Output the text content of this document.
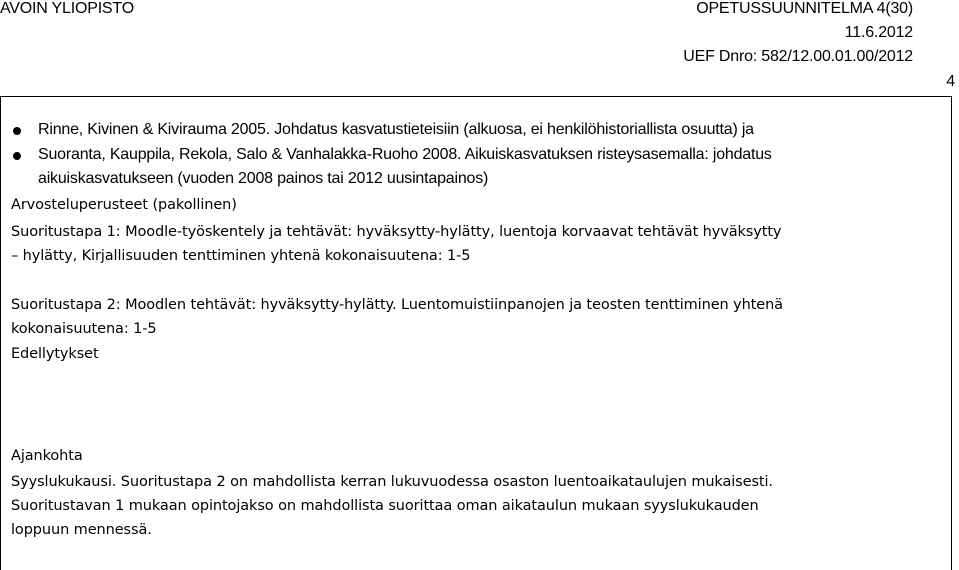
AVOIN YLIOPISTO	OPETUSSUUNNITELMA 4(30)
11.6.2012
UEF Dnro: 582/12.00.01.00/2012
4
Rinne, Kivinen & Kivirauma 2005. Johdatus kasvatustieteisiin (alkuosa, ei henkilöhistoriallista osuutta) ja
Suoranta, Kauppila, Rekola, Salo & Vanhalakka-Ruoho 2008. Aikuiskasvatuksen risteysasemalla: johdatus
aikuiskasvatukseen (vuoden 2008 painos tai 2012 uusintapainos)
Arvosteluperusteet (pakollinen)
Suoritustapa 1: Moodle-työskentely ja tehtävät: hyväksytty-hylätty, luentoja korvaavat tehtävät hyväksytty
– hylätty, Kirjallisuuden tenttiminen yhtenä kokonaisuutena: 1-5
Suoritustapa 2: Moodlen tehtävät: hyväksytty-hylätty. Luentomuistiinpanojen ja teosten tenttiminen yhtenä
kokonaisuutena: 1-5
Edellytykset
Ajankohta
Syyslukukausi. Suoritustapa 2 on mahdollista kerran lukuvuodessa osaston luentoaikataulujen mukaisesti.
Suoritustavan 1 mukaan opintojakso on mahdollista suorittaa oman aikataulun mukaan syyslukukauden
loppuun mennessä.
